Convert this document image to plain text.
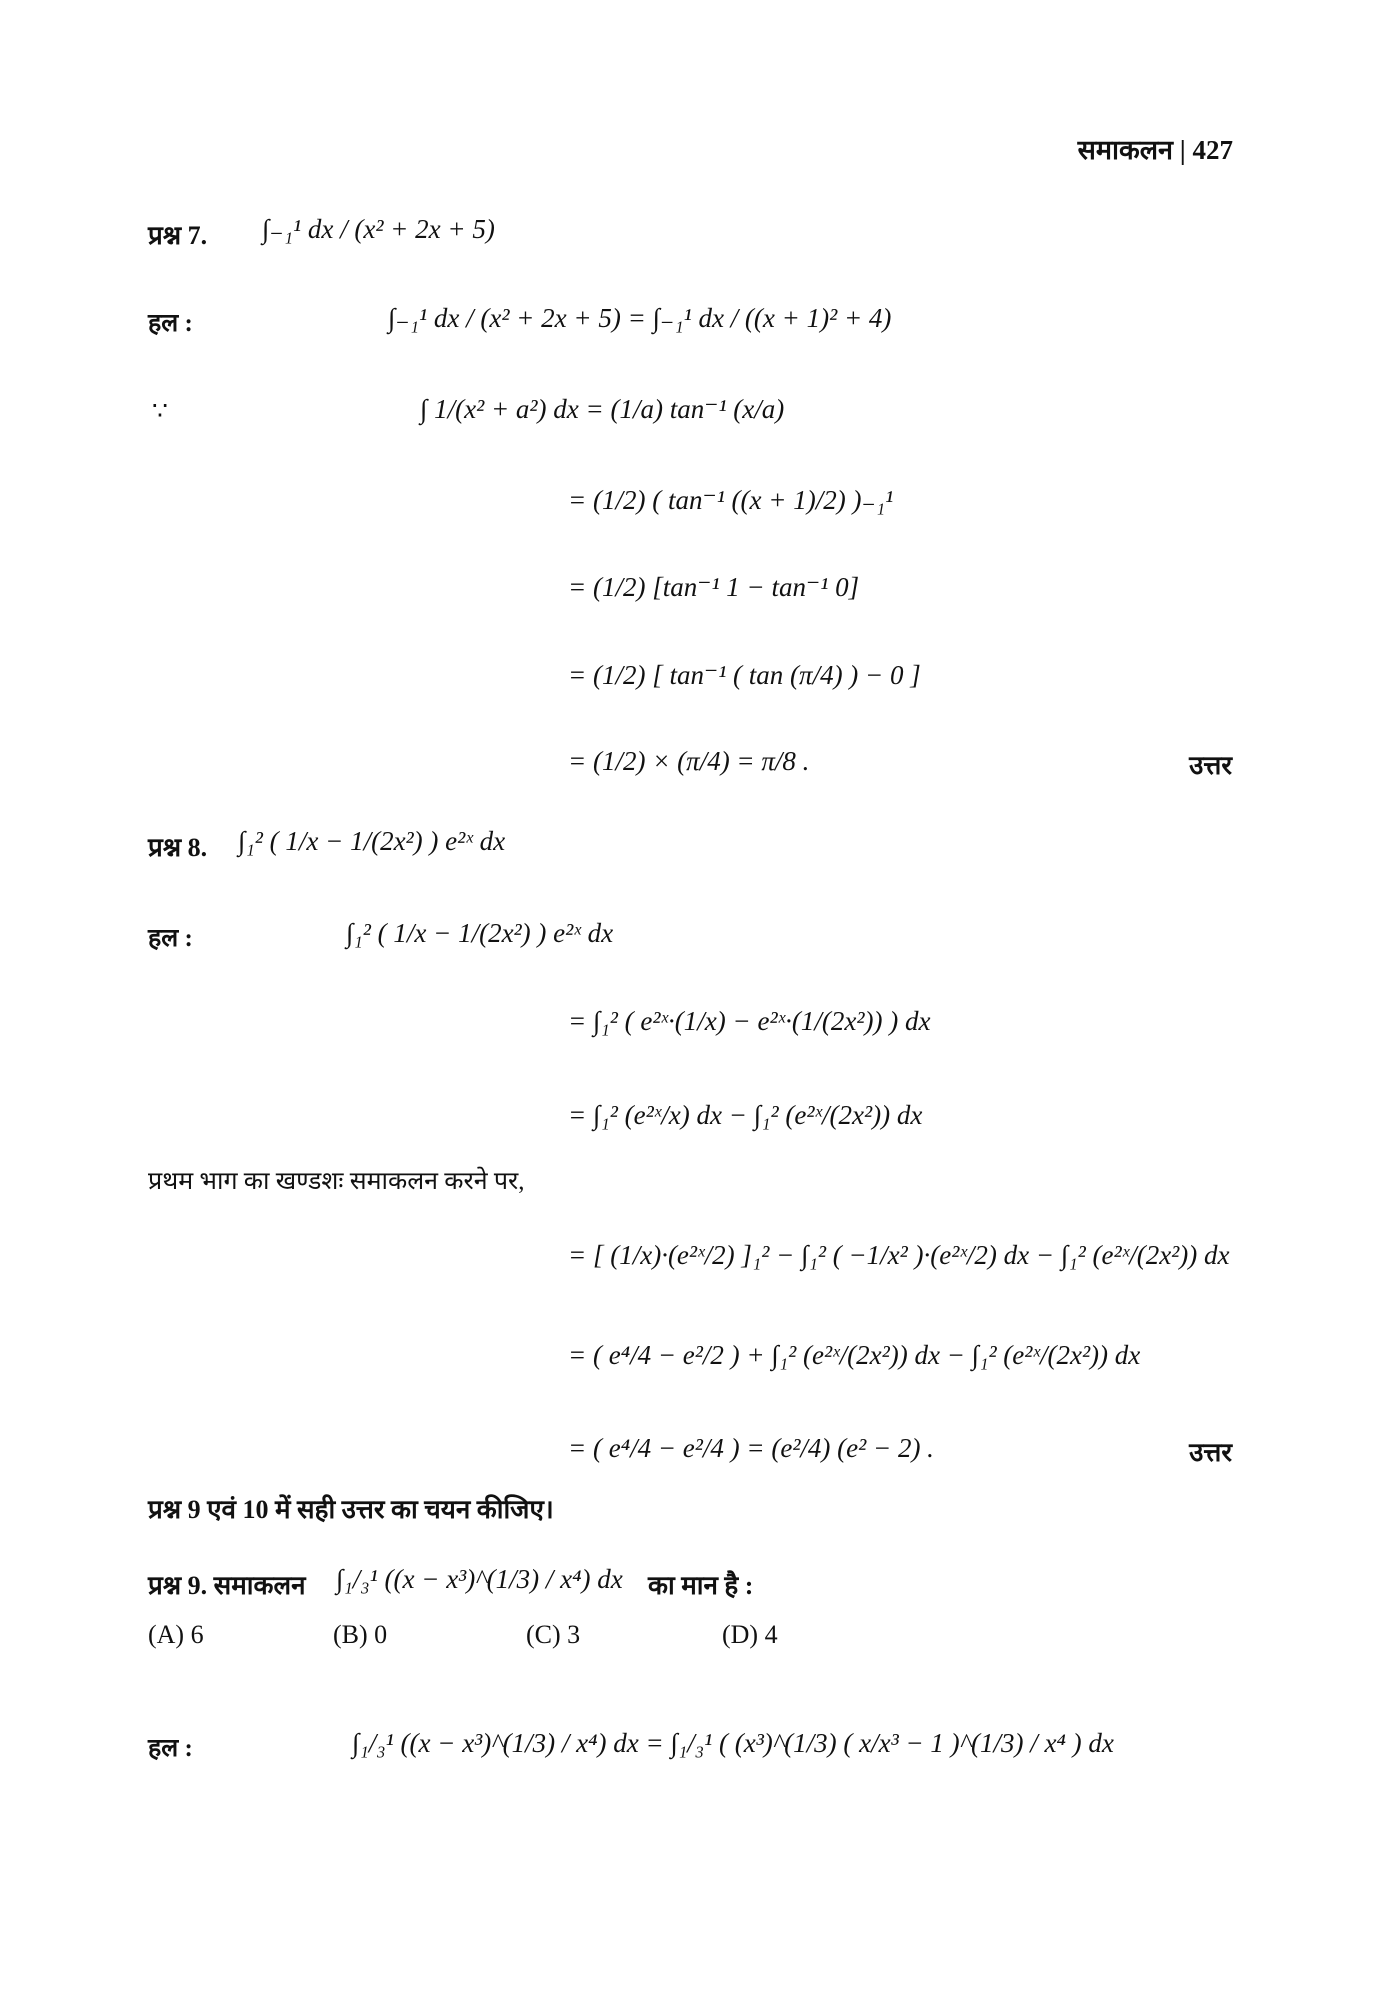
समाकलन | 427
प्रश्न 7. ∫₋₁¹ dx / (x² + 2x + 5)
हल :	∫₋₁¹ dx / (x² + 2x + 5) = ∫₋₁¹ dx / ((x + 1)² + 4)
∵	∫ 1/(x² + a²) dx = (1/a) tan⁻¹ (x/a)
= (1/2) ( tan⁻¹ ((x + 1)/2) )₋₁¹
= (1/2) [tan⁻¹ 1 − tan⁻¹ 0]
= (1/2) [ tan⁻¹ ( tan (π/4) ) − 0 ]
= (1/2) × (π/4) = π/8 .	उत्तर
प्रश्न 8. ∫₁² ( 1/x − 1/(2x²) ) e²ˣ dx
हल :	∫₁² ( 1/x − 1/(2x²) ) e²ˣ dx
= ∫₁² ( e²ˣ·(1/x) − e²ˣ·(1/(2x²)) ) dx
= ∫₁² (e²ˣ/x) dx − ∫₁² (e²ˣ/(2x²)) dx
प्रथम भाग का खण्डशः समाकलन करने पर,
= [ (1/x)·(e²ˣ/2) ]₁² − ∫₁² ( −1/x² )·(e²ˣ/2) dx − ∫₁² (e²ˣ/(2x²)) dx
= ( e⁴/4 − e²/2 ) + ∫₁² (e²ˣ/(2x²)) dx − ∫₁² (e²ˣ/(2x²)) dx
= ( e⁴/4 − e²/4 ) = (e²/4) (e² − 2) .	उत्तर
प्रश्न 9 एवं 10 में सही उत्तर का चयन कीजिए।
प्रश्न 9. समाकलन ∫₁/₃¹ ((x − x³)^(1/3) / x⁴) dx का मान है :
(A) 6	(B) 0	(C) 3	(D) 4
हल :	∫₁/₃¹ ((x − x³)^(1/3) / x⁴) dx = ∫₁/₃¹ ( (x³)^(1/3) ( x/x³ − 1 )^(1/3) / x⁴ ) dx
